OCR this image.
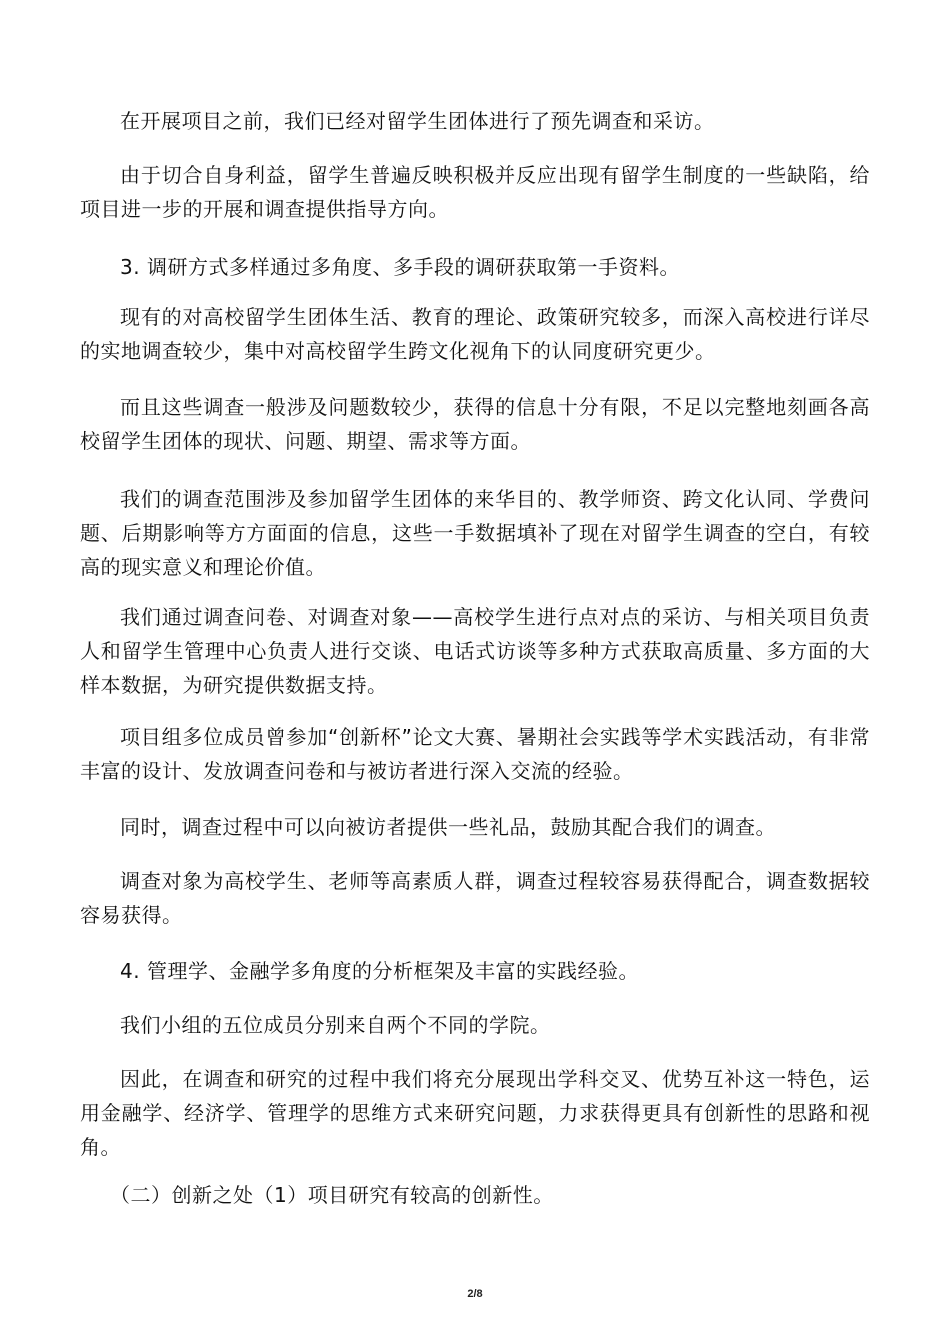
在开展项目之前，我们已经对留学生团体进行了预先调查和采访。

由于切合自身利益，留学生普遍反映积极并反应出现有留学生制度的一些缺陷，给项目进一步的开展和调查提供指导方向。

3. 调研方式多样通过多角度、多手段的调研获取第一手资料。

现有的对高校留学生团体生活、教育的理论、政策研究较多，而深入高校进行详尽的实地调查较少，集中对高校留学生跨文化视角下的认同度研究更少。

而且这些调查一般涉及问题数较少，获得的信息十分有限，不足以完整地刻画各高校留学生团体的现状、问题、期望、需求等方面。

我们的调查范围涉及参加留学生团体的来华目的、教学师资、跨文化认同、学费问题、后期影响等方方面面的信息，这些一手数据填补了现在对留学生调查的空白，有较高的现实意义和理论价值。

我们通过调查问卷、对调查对象——高校学生进行点对点的采访、与相关项目负责人和留学生管理中心负责人进行交谈、电话式访谈等多种方式获取高质量、多方面的大样本数据，为研究提供数据支持。

项目组多位成员曾参加“创新杯”论文大赛、暑期社会实践等学术实践活动，有非常丰富的设计、发放调查问卷和与被访者进行深入交流的经验。

同时，调查过程中可以向被访者提供一些礼品，鼓励其配合我们的调查。

调查对象为高校学生、老师等高素质人群，调查过程较容易获得配合，调查数据较容易获得。

4. 管理学、金融学多角度的分析框架及丰富的实践经验。

我们小组的五位成员分别来自两个不同的学院。

因此，在调查和研究的过程中我们将充分展现出学科交叉、优势互补这一特色，运用金融学、经济学、管理学的思维方式来研究问题，力求获得更具有创新性的思路和视角。

（二）创新之处（1）项目研究有较高的创新性。

2/8
